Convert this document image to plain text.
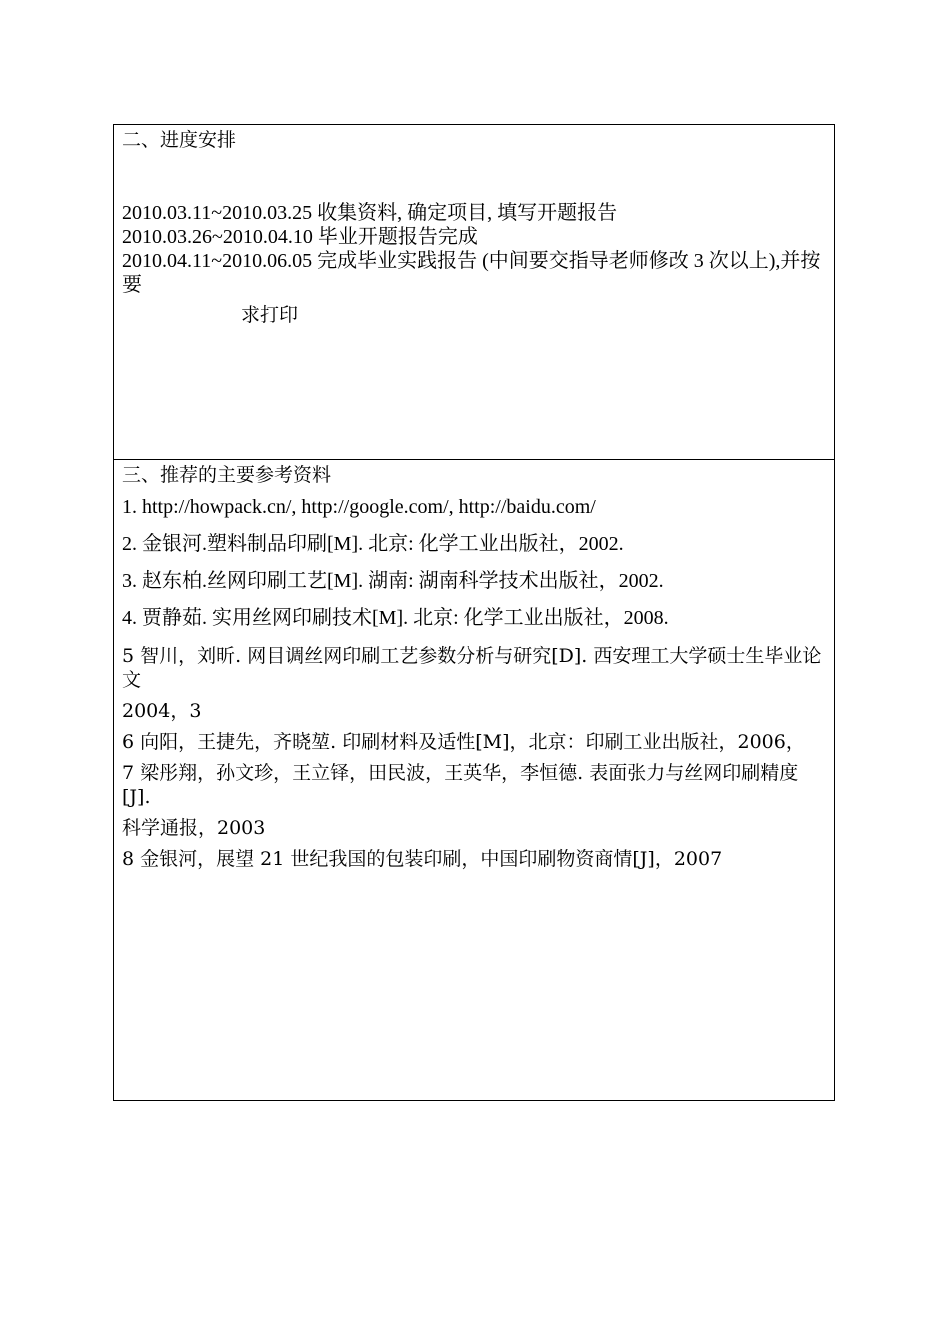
二、进度安排

2010.03.11~2010.03.25 收集资料, 确定项目, 填写开题报告

2010.03.26~2010.04.10 毕业开题报告完成

2010.04.11~2010.06.05 完成毕业实践报告 (中间要交指导老师修改 3 次以上),并按要

求打印

三、推荐的主要参考资料

1. http://howpack.cn/, http://google.com/, http://baidu.com/

2. 金银河.塑料制品印刷[M]. 北京: 化学工业出版社，2002.

3. 赵东柏.丝网印刷工艺[M]. 湖南: 湖南科学技术出版社，2002.

4. 贾静茹. 实用丝网印刷技术[M]. 北京: 化学工业出版社，2008.

5 智川，刘昕. 网目调丝网印刷工艺参数分析与研究[D]. 西安理工大学硕士生毕业论文

2004，3

6 向阳，王捷先，齐晓堃. 印刷材料及适性[M]，北京：印刷工业出版社，2006，

7 梁彤翔，孙文珍，王立铎，田民波，王英华，李恒德. 表面张力与丝网印刷精度[J].

科学通报，2003

8 金银河，展望 21 世纪我国的包装印刷，中国印刷物资商情[J]，2007
